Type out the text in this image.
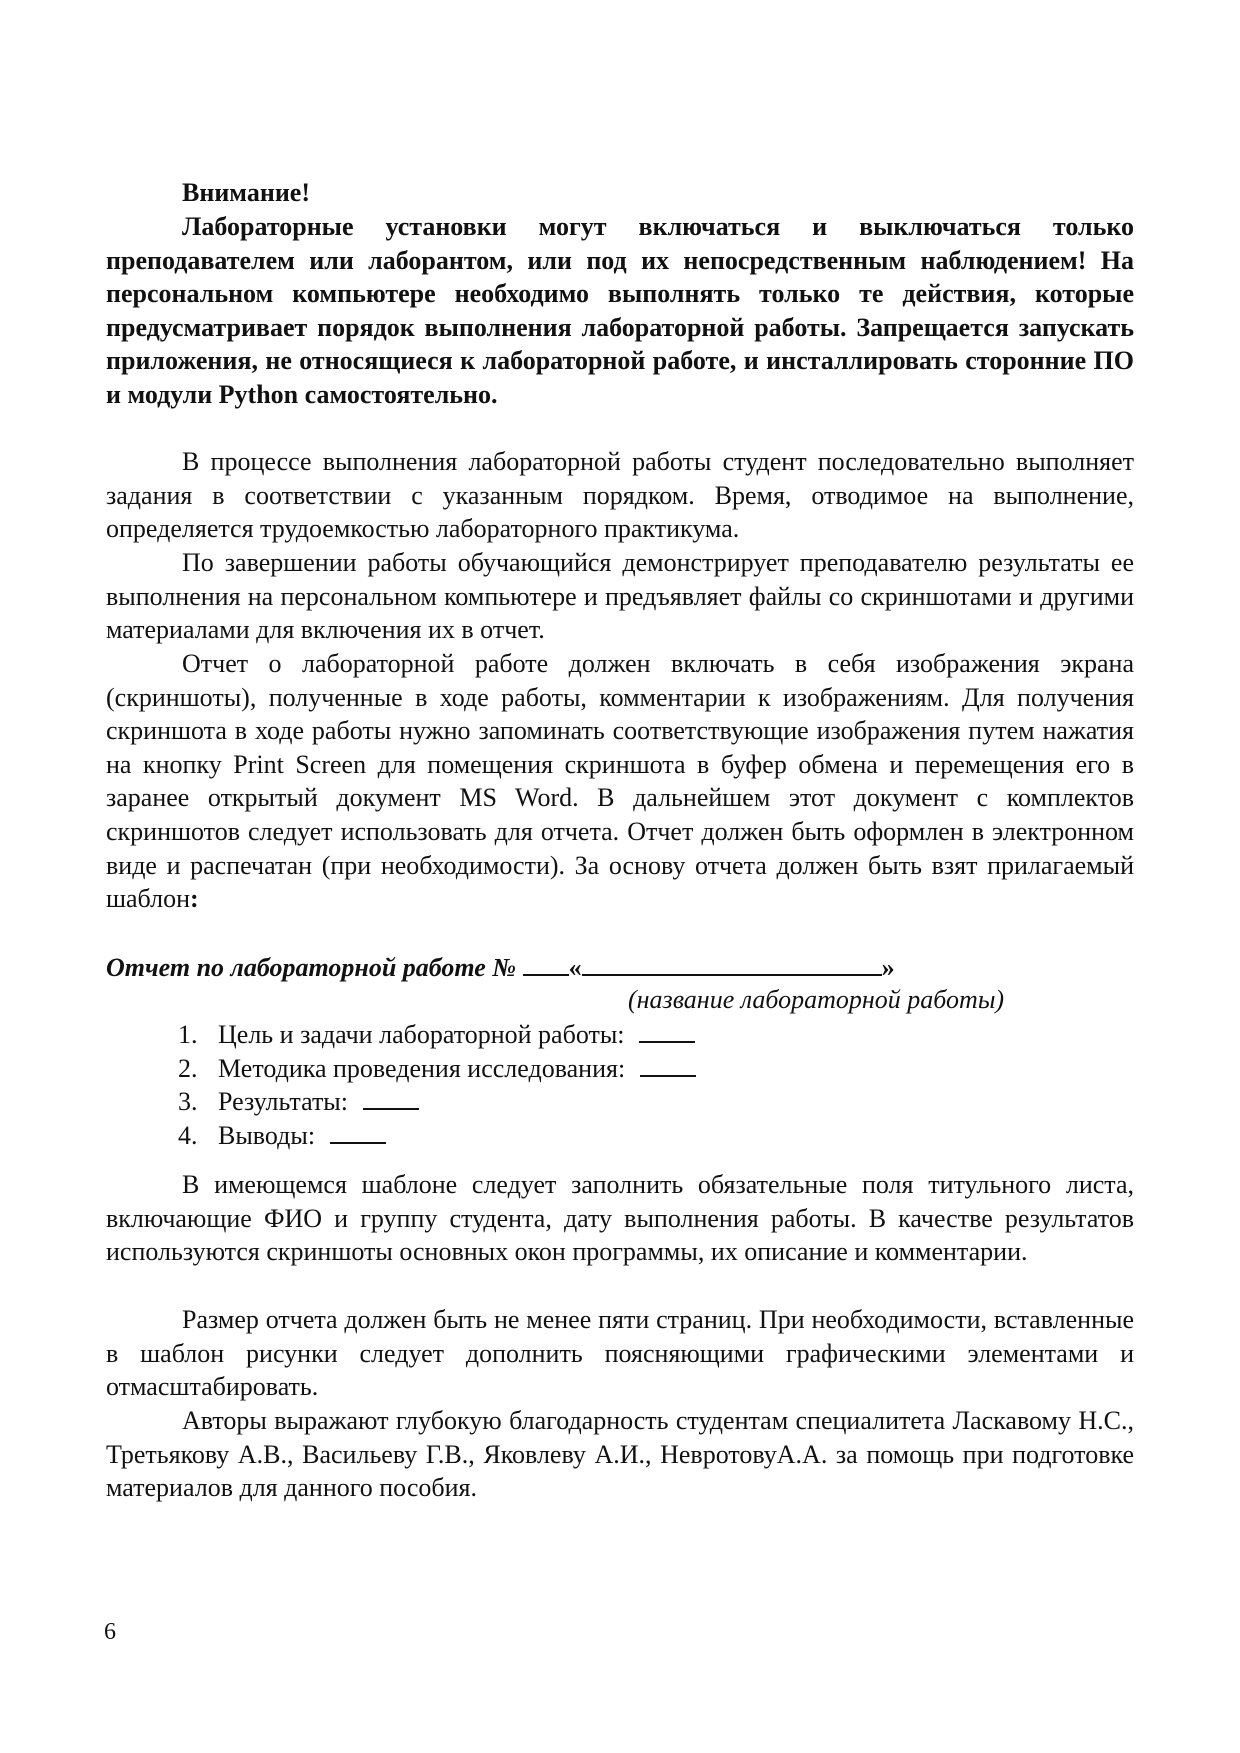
Внимание!
Лабораторные установки могут включаться и выключаться только преподавателем или лаборантом, или под их непосредственным наблюдением! На персональном компьютере необходимо выполнять только те действия, которые предусматривает порядок выполнения лабораторной работы. Запрещается запускать приложения, не относящиеся к лабораторной работе, и инсталлировать сторонние ПО и модули Python самостоятельно.
В процессе выполнения лабораторной работы студент последовательно выполняет задания в соответствии с указанным порядком. Время, отводимое на выполнение, определяется трудоемкостью лабораторного практикума.
По завершении работы обучающийся демонстрирует преподавателю результаты ее выполнения на персональном компьютере и предъявляет файлы со скриншотами и другими материалами для включения их в отчет.
Отчет о лабораторной работе должен включать в себя изображения экрана (скриншоты), полученные в ходе работы, комментарии к изображениям. Для получения скриншота в ходе работы нужно запоминать соответствующие изображения путем нажатия на кнопку Print Screen для помещения скриншота в буфер обмена и перемещения его в заранее открытый документ MS Word. В дальнейшем этот документ с комплектов скриншотов следует использовать для отчета. Отчет должен быть оформлен в электронном виде и распечатан (при необходимости). За основу отчета должен быть взят прилагаемый шаблон:
Отчет по лабораторной работе № «	»
(название лабораторной работы)
1. Цель и задачи лабораторной работы:
2. Методика проведения исследования:
3. Результаты:
4. Выводы:
В имеющемся шаблоне следует заполнить обязательные поля титульного листа, включающие ФИО и группу студента, дату выполнения работы. В качестве результатов используются скриншоты основных окон программы, их описание и комментарии.
Размер отчета должен быть не менее пяти страниц. При необходимости, вставленные в шаблон рисунки следует дополнить поясняющими графическими элементами и отмасштабировать.
Авторы выражают глубокую благодарность студентам специалитета Ласкавому Н.С., Третьякову А.В., Васильеву Г.В., Яковлеву А.И., НевротовуА.А. за помощь при подготовке материалов для данного пособия.
6
